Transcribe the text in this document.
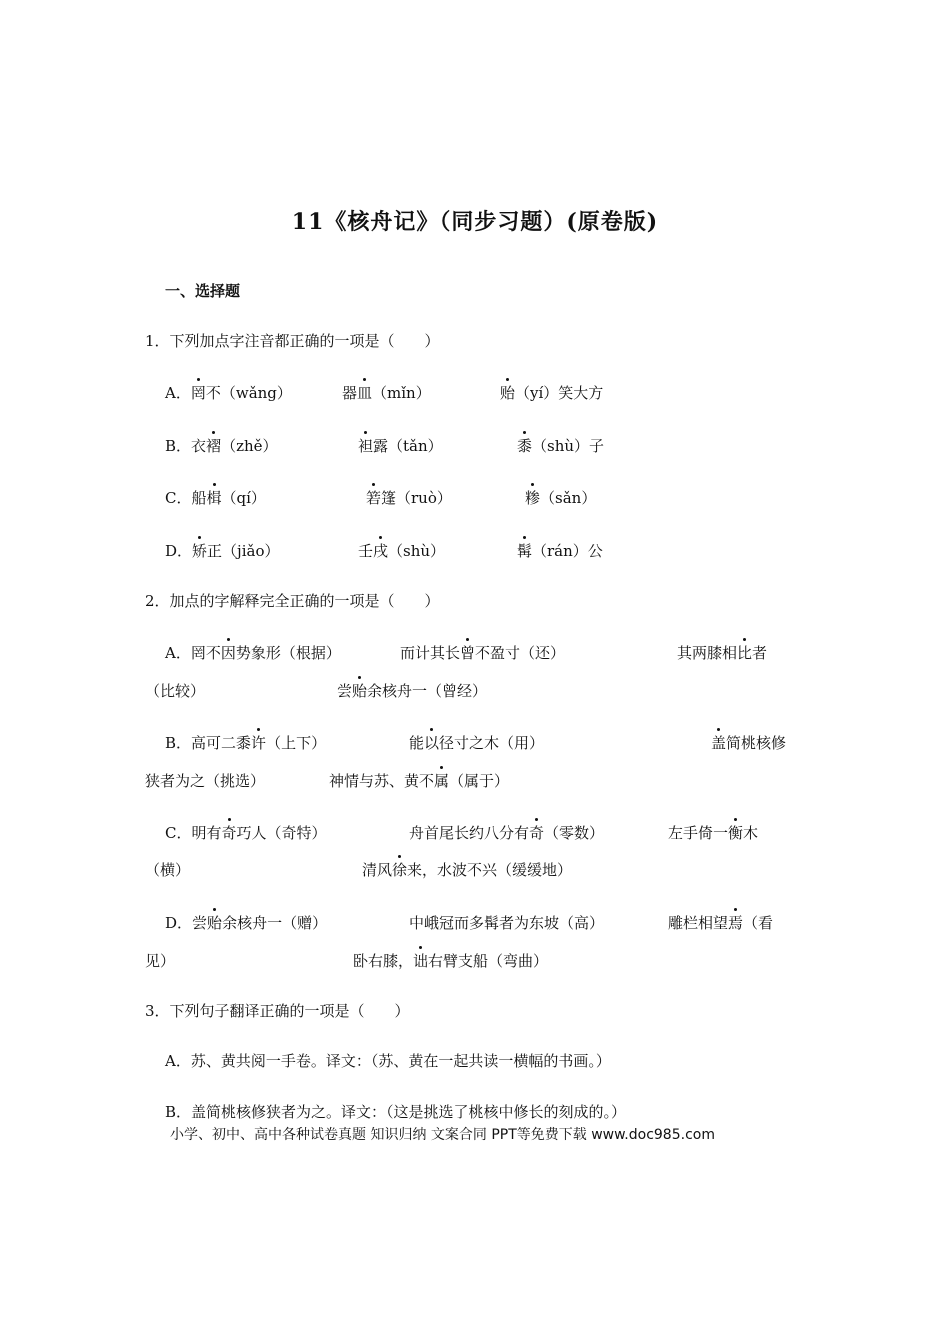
11《核舟记》（同步习题）(原卷版)
一、选择题
1．下列加点字注音都正确的一项是（　　）
A．罔不（wǎng）	器皿（mǐn）	贻（yí）笑大方
B．衣褶（zhě）	袒露（tǎn）	黍（shù）子
C．船楫（qí）	箬篷（ruò）	糁（sǎn）
D．矫正（jiǎo）	壬戌（shù）	髯（rán）公
2．加点的字解释完全正确的一项是（　　）
A．罔不因势象形（根据）	而计其长曾不盈寸（还）	其两膝相比者
（比较）	尝贻余核舟一（曾经）
B．高可二黍许（上下）	能以径寸之木（用）	盖简桃核修
狭者为之（挑选）	神情与苏、黄不属（属于）
C．明有奇巧人（奇特）	舟首尾长约八分有奇（零数）	左手倚一衡木
（横）	清风徐来，水波不兴（缓缓地）
D．尝贻余核舟一（赠）	中峨冠而多髯者为东坡（高）	雕栏相望焉（看
见）	卧右膝，诎右臂支船（弯曲）
3．下列句子翻译正确的一项是（　　）
A．苏、黄共阅一手卷。译文：（苏、黄在一起共读一横幅的书画。）
B．盖简桃核修狭者为之。译文：（这是挑选了桃核中修长的刻成的。）
小学、初中、高中各种试卷真题 知识归纳 文案合同 PPT等免费下载 www.doc985.com
